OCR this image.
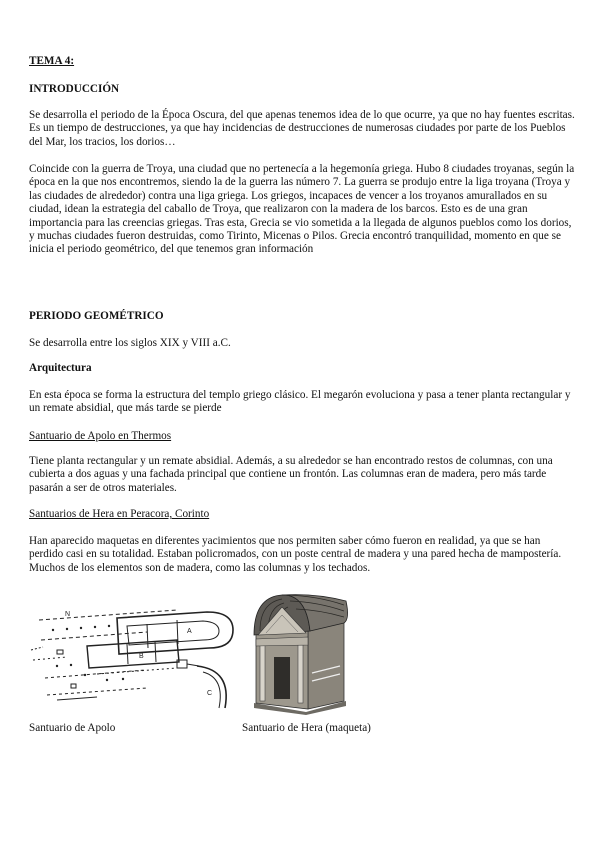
TEMA 4:

INTRODUCCIÓN

Se desarrolla el periodo de la Época Oscura, del que apenas tenemos idea de lo que ocurre, ya que no hay fuentes escritas. Es un tiempo de destrucciones, ya que hay incidencias de destrucciones de numerosas ciudades por parte de los Pueblos del Mar, los tracios, los dorios…

Coincide con la guerra de Troya, una ciudad que no pertenecía a la hegemonía griega. Hubo 8 ciudades troyanas, según la época en la que nos encontremos, siendo la de la guerra las número 7. La guerra se produjo entre la liga troyana (Troya y las ciudades de alrededor) contra una liga griega. Los griegos, incapaces de vencer a los troyanos amurallados en su ciudad, idean la estrategia del caballo de Troya, que realizaron con la madera de los barcos. Esto es de una gran importancia para las creencias griegas. Tras esta, Grecia se vio sometida a la llegada de algunos pueblos como los dorios, y muchas ciudades fueron destruidas, como Tirinto, Micenas o Pilos. Grecia encontró tranquilidad, momento en que se inicia el periodo geométrico, del que tenemos gran información

PERIODO GEOMÉTRICO

Se desarrolla entre los siglos XIX y VIII a.C.

Arquitectura

En esta época se forma la estructura del templo griego clásico. El megarón evoluciona y pasa a tener planta rectangular y un remate absidial, que más tarde se pierde

Santuario de Apolo en Thermos

Tiene planta rectangular y un remate absidial. Además, a su alrededor se han encontrado restos de columnas, con una cubierta a dos aguas y una fachada principal que contiene un frontón. Las columnas eran de madera, pero más tarde pasarán a ser de otros materiales.

Santuarios de Hera en Peracora, Corinto

Han aparecido maquetas en diferentes yacimientos que nos permiten saber cómo fueron en realidad, ya que se han perdido casi en su totalidad. Estaban policromados, con un poste central de madera y una pared hecha de mampostería. Muchos de los elementos son de madera, como las columnas y los techados.

N
A
B
C
Santuario de Apolo	Santuario de Hera (maqueta)
